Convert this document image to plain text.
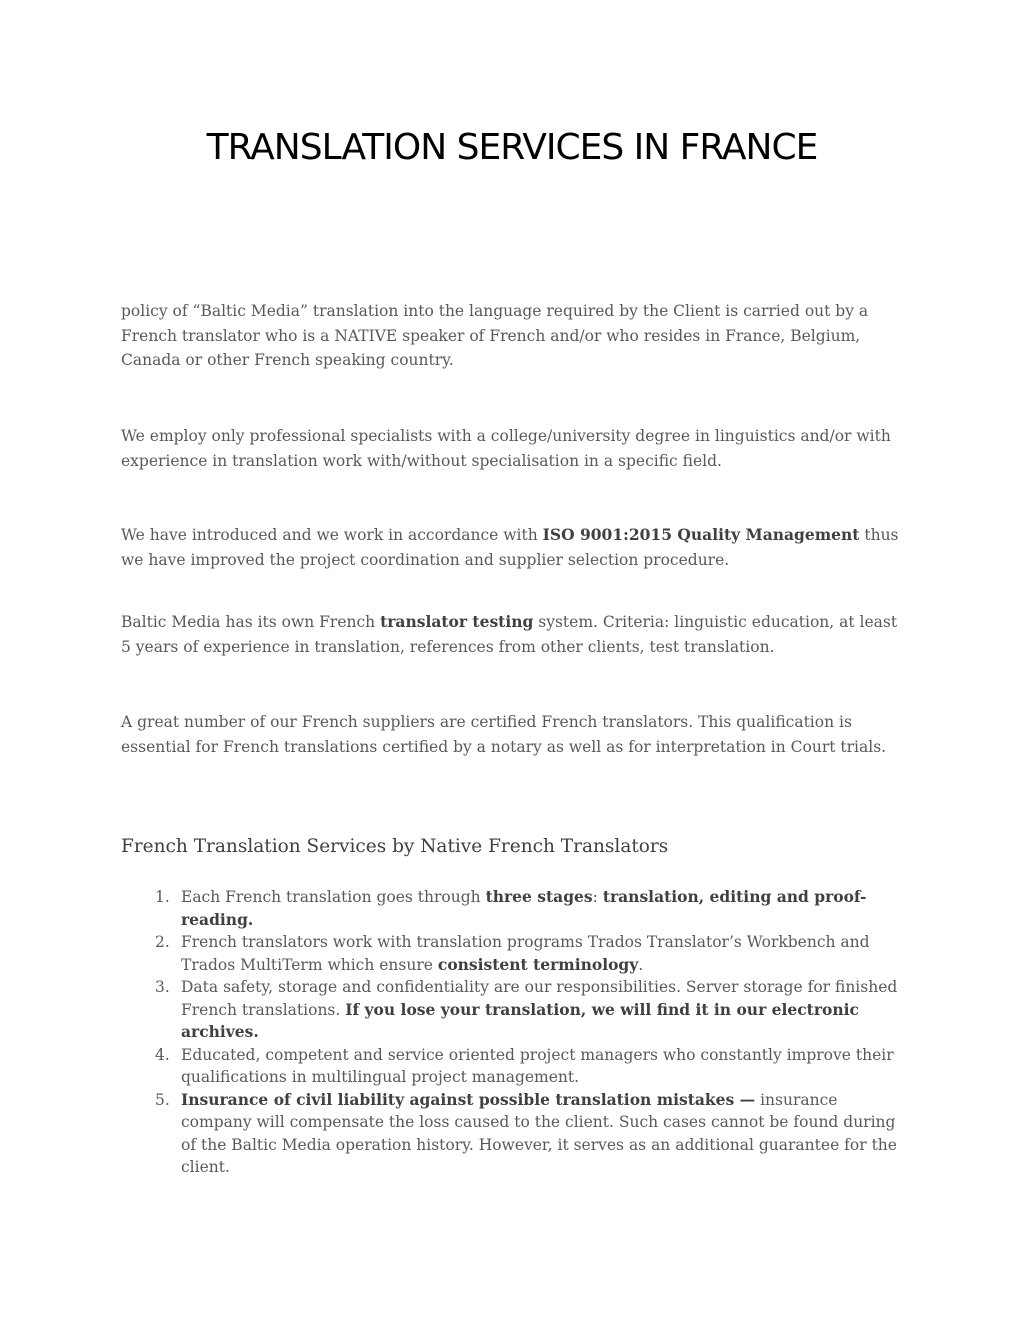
TRANSLATION SERVICES IN FRANCE

policy of “Baltic Media” translation into the language required by the Client is carried out by a French translator who is a NATIVE speaker of French and/or who resides in France, Belgium, Canada or other French speaking country.

We employ only professional specialists with a college/university degree in linguistics and/or with experience in translation work with/without specialisation in a specific field.

We have introduced and we work in accordance with ISO 9001:2015 Quality Management thus we have improved the project coordination and supplier selection procedure.

Baltic Media has its own French translator testing system. Criteria: linguistic education, at least 5 years of experience in translation, references from other clients, test translation.

A great number of our French suppliers are certified French translators. This qualification is essential for French translations certified by a notary as well as for interpretation in Court trials.

French Translation Services by Native French Translators
1. Each French translation goes through three stages: translation, editing and proof-reading.
2. French translators work with translation programs Trados Translator’s Workbench and Trados MultiTerm which ensure consistent terminology.
3. Data safety, storage and confidentiality are our responsibilities. Server storage for finished French translations. If you lose your translation, we will find it in our electronic archives.
4. Educated, competent and service oriented project managers who constantly improve their qualifications in multilingual project management.
5. Insurance of civil liability against possible translation mistakes — insurance company will compensate the loss caused to the client. Such cases cannot be found during of the Baltic Media operation history. However, it serves as an additional guarantee for the client.
